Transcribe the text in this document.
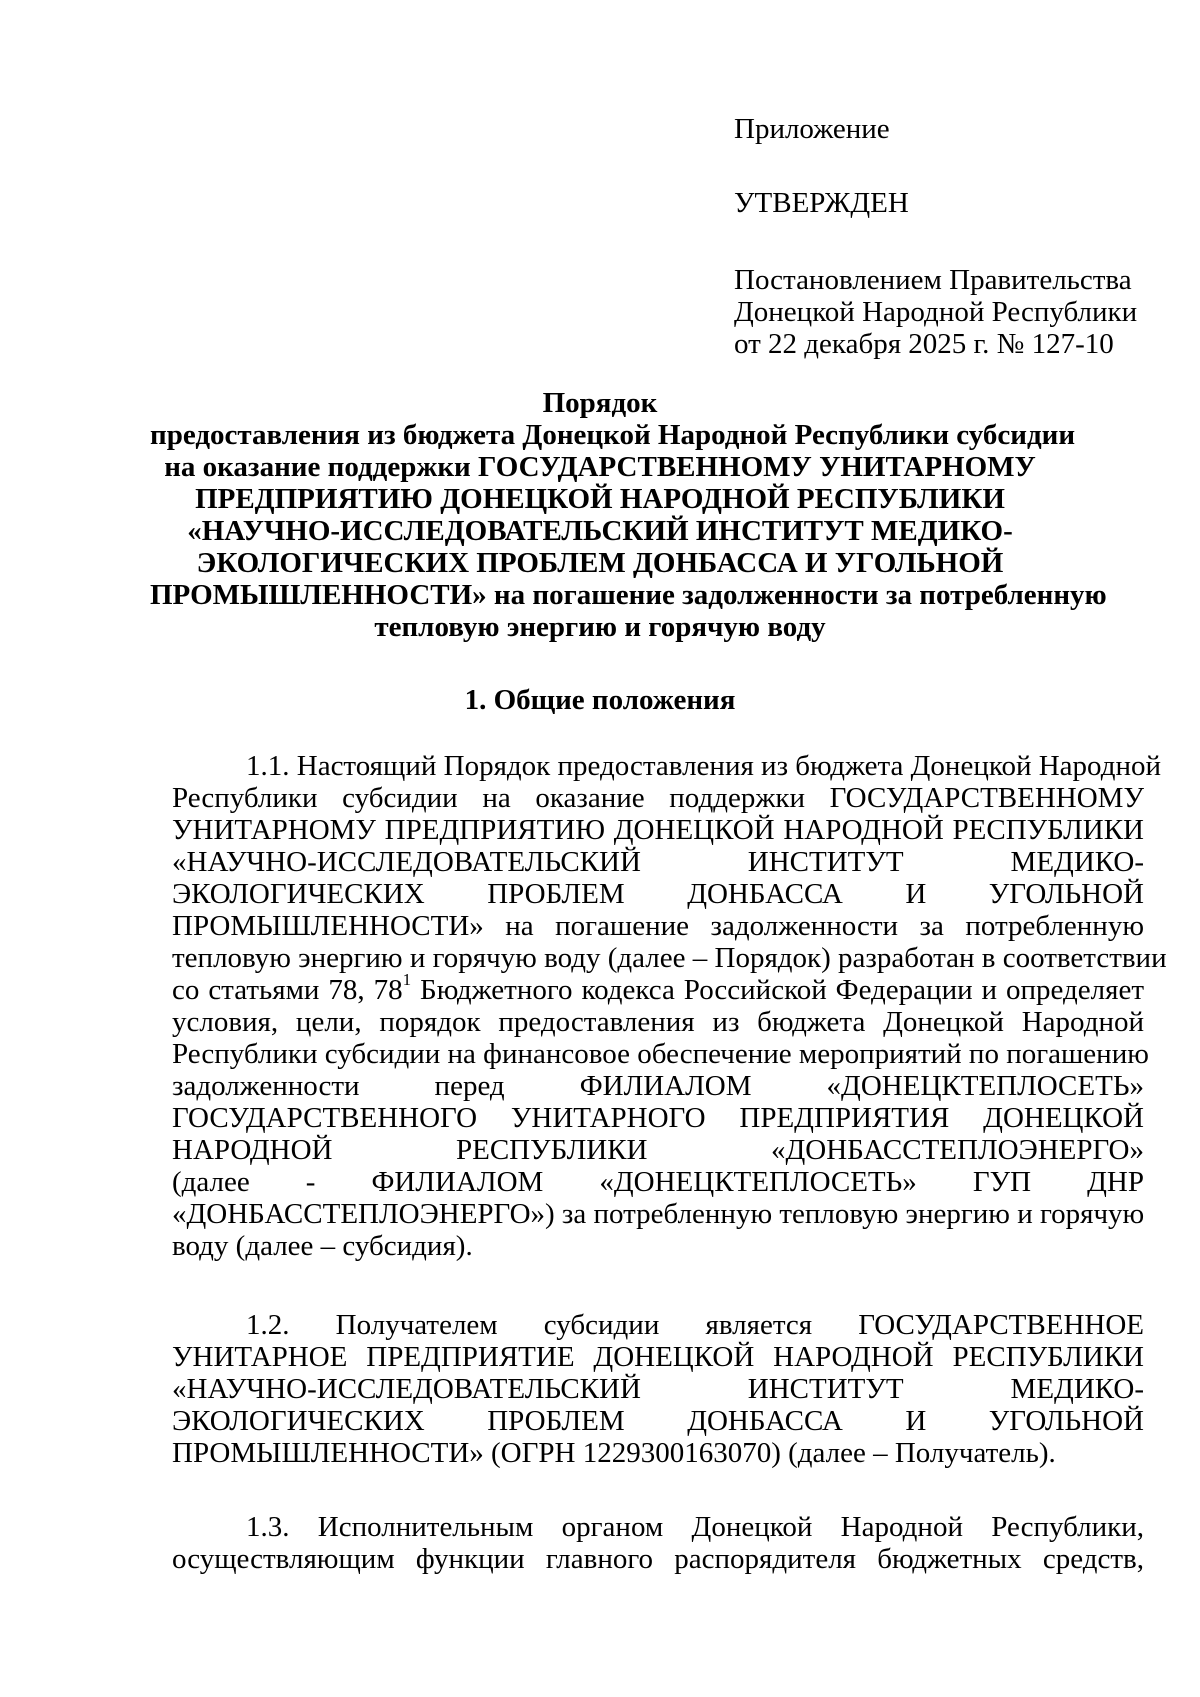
Приложение

УТВЕРЖДЕН

Постановлением Правительства

Донецкой Народной Республики

от 22 декабря 2025 г. № 127-10

Порядок

предоставления из бюджета Донецкой Народной Республики субсидии

на оказание поддержки ГОСУДАРСТВЕННОМУ УНИТАРНОМУ

ПРЕДПРИЯТИЮ ДОНЕЦКОЙ НАРОДНОЙ РЕСПУБЛИКИ

«НАУЧНО-ИССЛЕДОВАТЕЛЬСКИЙ ИНСТИТУТ МЕДИКО-

ЭКОЛОГИЧЕСКИХ ПРОБЛЕМ ДОНБАССА И УГОЛЬНОЙ

ПРОМЫШЛЕННОСТИ» на погашение задолженности за потребленную

тепловую энергию и горячую воду

1. Общие положения

1.1. Настоящий Порядок предоставления из бюджета Донецкой Народной
Республики субсидии на оказание поддержки ГОСУДАРСТВЕННОМУ
УНИТАРНОМУ ПРЕДПРИЯТИЮ ДОНЕЦКОЙ НАРОДНОЙ РЕСПУБЛИКИ
«НАУЧНО-ИССЛЕДОВАТЕЛЬСКИЙ ИНСТИТУТ МЕДИКО-
ЭКОЛОГИЧЕСКИХ ПРОБЛЕМ ДОНБАССА И УГОЛЬНОЙ
ПРОМЫШЛЕННОСТИ» на погашение задолженности за потребленную
тепловую энергию и горячую воду (далее – Порядок) разработан в соответствии
со статьями 78, $78^1$ Бюджетного кодекса Российской Федерации и определяет
условия, цели, порядок предоставления из бюджета Донецкой Народной
Республики субсидии на финансовое обеспечение мероприятий по погашению
задолженности перед ФИЛИАЛОМ «ДОНЕЦКТЕПЛОСЕТЬ»
ГОСУДАРСТВЕННОГО УНИТАРНОГО ПРЕДПРИЯТИЯ ДОНЕЦКОЙ
НАРОДНОЙ РЕСПУБЛИКИ «ДОНБАССТЕПЛОЭНЕРГО»
(далее - ФИЛИАЛОМ «ДОНЕЦКТЕПЛОСЕТЬ» ГУП ДНР
«ДОНБАССТЕПЛОЭНЕРГО») за потребленную тепловую энергию и горячую
воду (далее – субсидия).
1.2. Получателем субсидии является ГОСУДАРСТВЕННОЕ
УНИТАРНОЕ ПРЕДПРИЯТИЕ ДОНЕЦКОЙ НАРОДНОЙ РЕСПУБЛИКИ
«НАУЧНО-ИССЛЕДОВАТЕЛЬСКИЙ ИНСТИТУТ МЕДИКО-
ЭКОЛОГИЧЕСКИХ ПРОБЛЕМ ДОНБАССА И УГОЛЬНОЙ
ПРОМЫШЛЕННОСТИ» (ОГРН 1229300163070) (далее – Получатель).
1.3. Исполнительным органом Донецкой Народной Республики,
осуществляющим функции главного распорядителя бюджетных средств,
